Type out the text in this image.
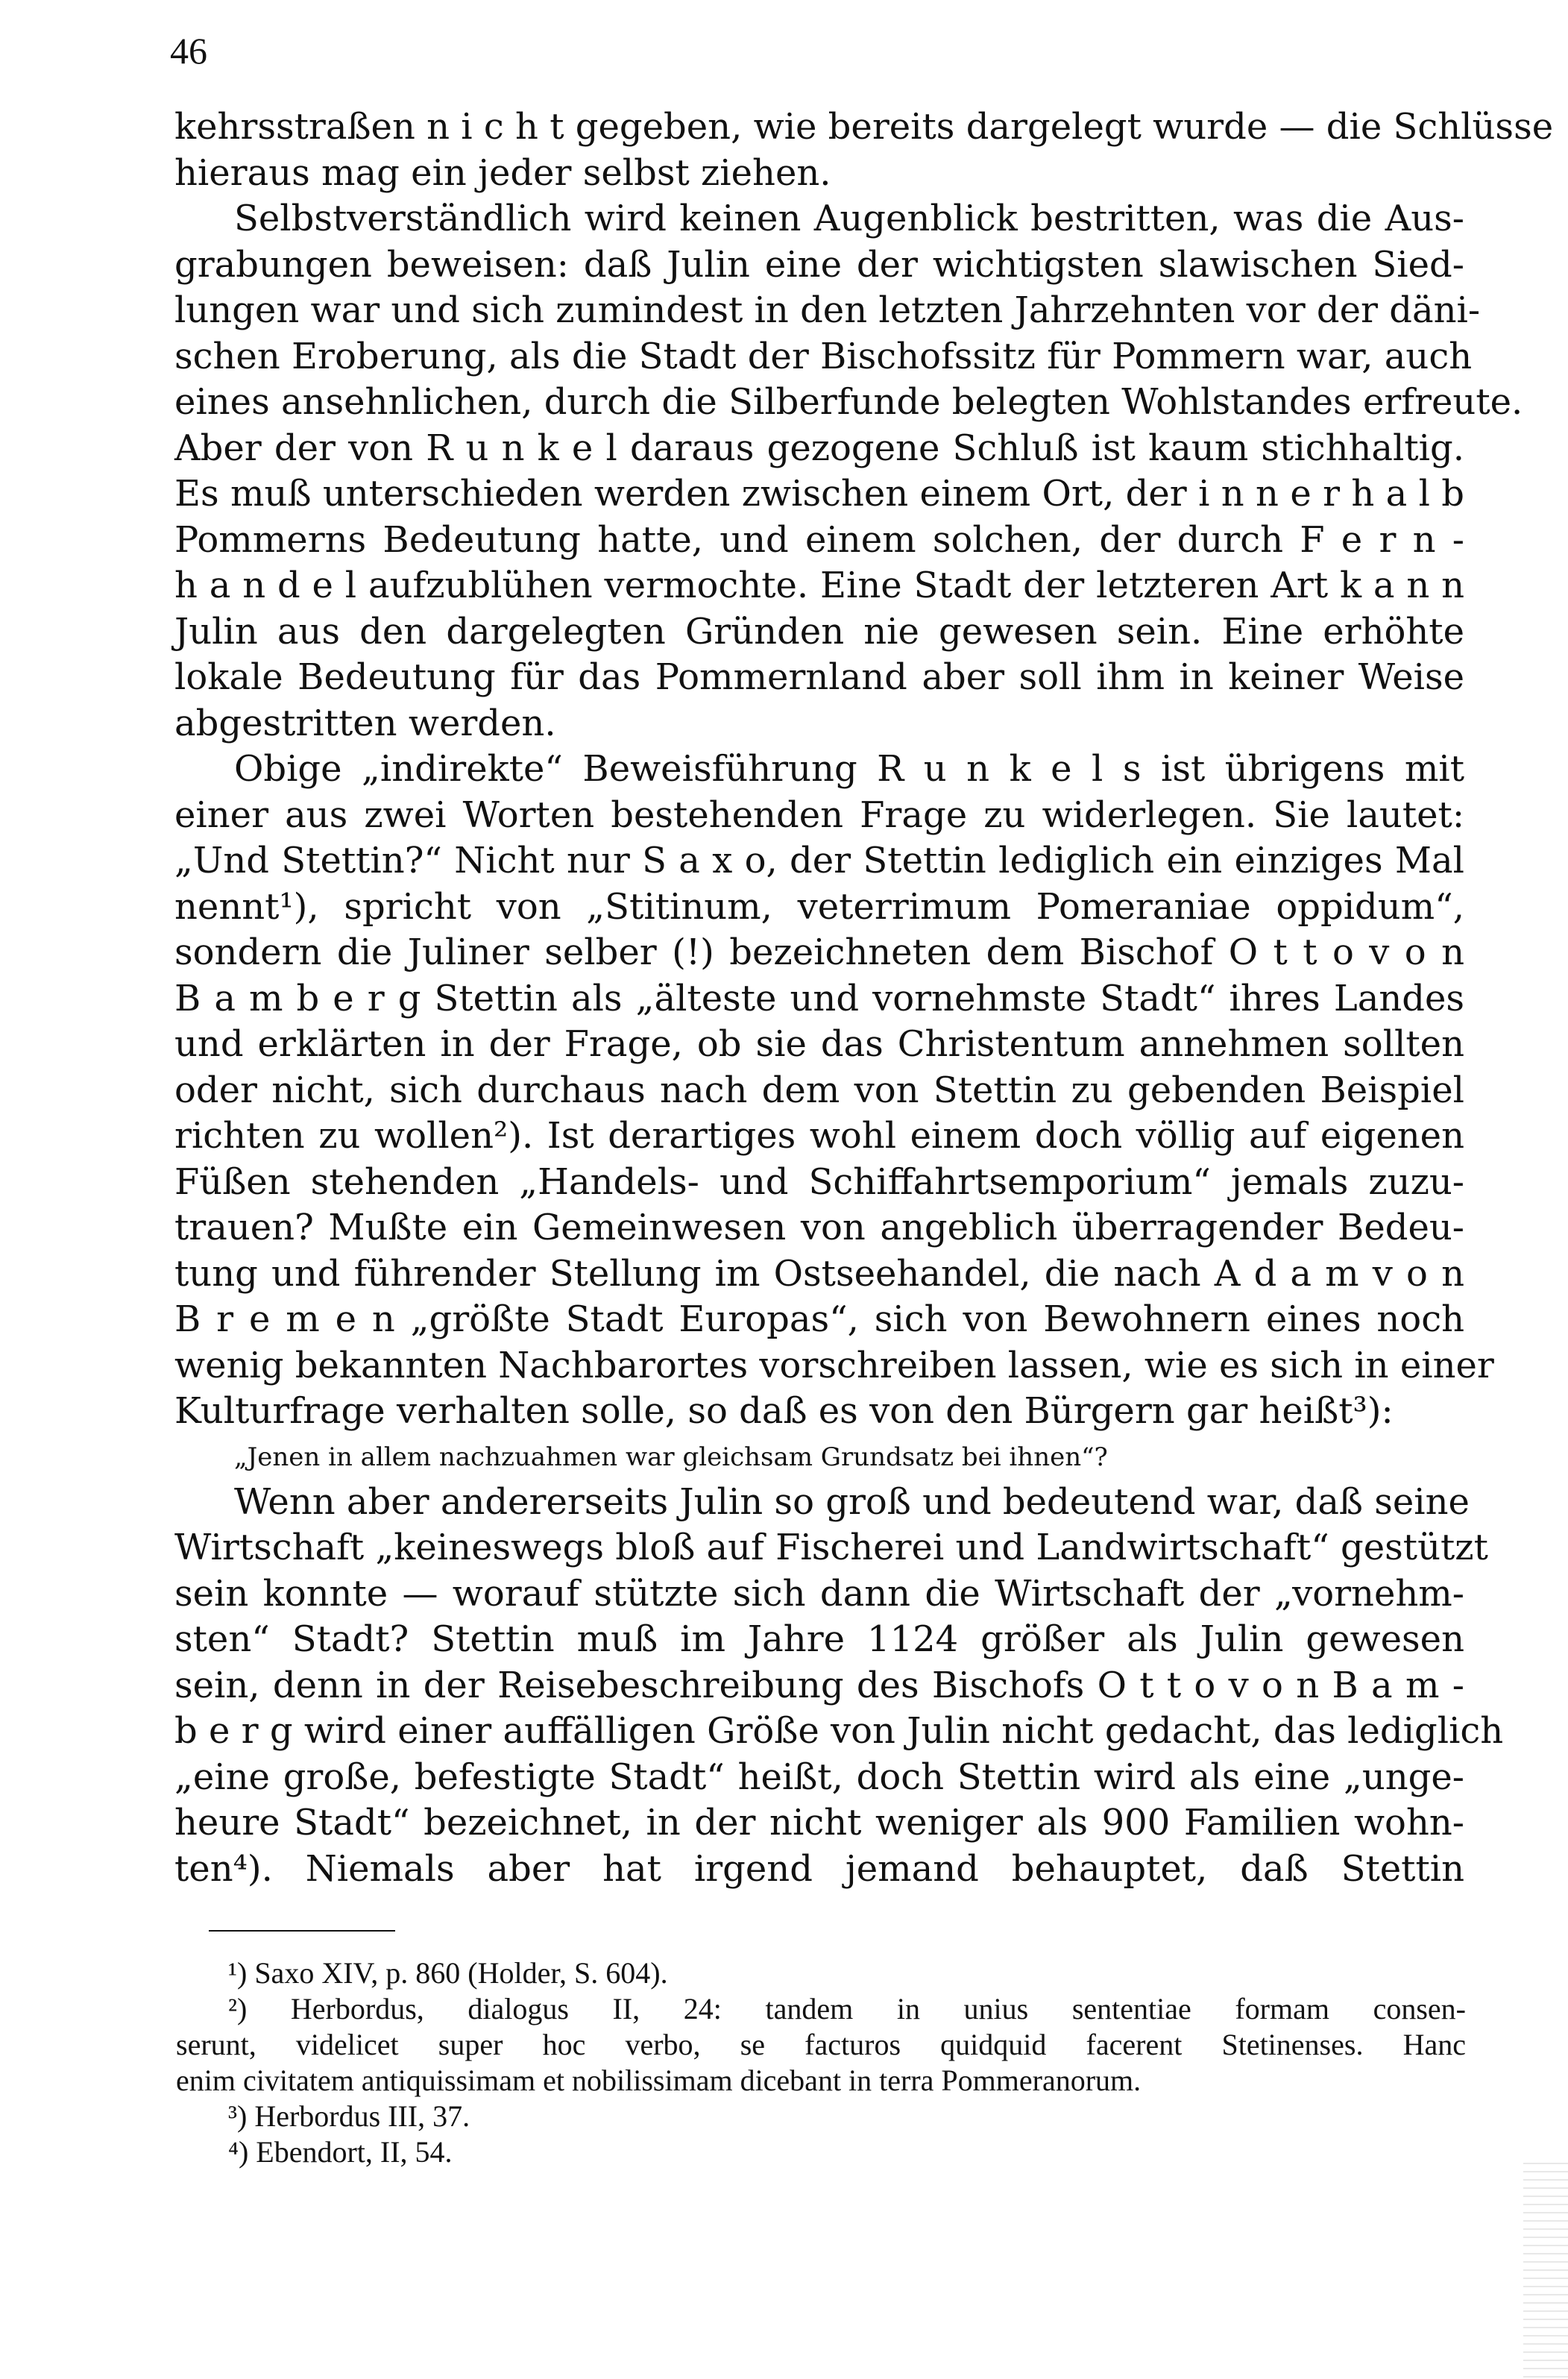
46
kehrsstraßen n i c h t gegeben, wie bereits dargelegt wurde — die Schlüsse
hieraus mag ein jeder selbst ziehen.
Selbstverständlich wird keinen Augenblick bestritten, was die Aus-
grabungen beweisen: daß Julin eine der wichtigsten slawischen Sied-
lungen war und sich zumindest in den letzten Jahrzehnten vor der däni-
schen Eroberung, als die Stadt der Bischofssitz für Pommern war, auch
eines ansehnlichen, durch die Silberfunde belegten Wohlstandes erfreute.
Aber der von R u n k e l daraus gezogene Schluß ist kaum stichhaltig.
Es muß unterschieden werden zwischen einem Ort, der i n n e r h a l b
Pommerns Bedeutung hatte, und einem solchen, der durch F e r n -
h a n d e l aufzublühen vermochte. Eine Stadt der letzteren Art k a n n
Julin aus den dargelegten Gründen nie gewesen sein. Eine erhöhte
lokale Bedeutung für das Pommernland aber soll ihm in keiner Weise
abgestritten werden.
Obige „indirekte“ Beweisführung R u n k e l s ist übrigens mit
einer aus zwei Worten bestehenden Frage zu widerlegen. Sie lautet:
„Und Stettin?“ Nicht nur S a x o, der Stettin lediglich ein einziges Mal
nennt¹), spricht von „Stitinum, veterrimum Pomeraniae oppidum“,
sondern die Juliner selber (!) bezeichneten dem Bischof O t t o v o n
B a m b e r g Stettin als „älteste und vornehmste Stadt“ ihres Landes
und erklärten in der Frage, ob sie das Christentum annehmen sollten
oder nicht, sich durchaus nach dem von Stettin zu gebenden Beispiel
richten zu wollen²). Ist derartiges wohl einem doch völlig auf eigenen
Füßen stehenden „Handels- und Schiffahrtsemporium“ jemals zuzu-
trauen? Mußte ein Gemeinwesen von angeblich überragender Bedeu-
tung und führender Stellung im Ostseehandel, die nach A d a m v o n
B r e m e n „größte Stadt Europas“, sich von Bewohnern eines noch
wenig bekannten Nachbarortes vorschreiben lassen, wie es sich in einer
Kulturfrage verhalten solle, so daß es von den Bürgern gar heißt³):
„Jenen in allem nachzuahmen war gleichsam Grundsatz bei ihnen“?
Wenn aber andererseits Julin so groß und bedeutend war, daß seine
Wirtschaft „keineswegs bloß auf Fischerei und Landwirtschaft“ gestützt
sein konnte — worauf stützte sich dann die Wirtschaft der „vornehm-
sten“ Stadt? Stettin muß im Jahre 1124 größer als Julin gewesen
sein, denn in der Reisebeschreibung des Bischofs O t t o v o n B a m -
b e r g wird einer auffälligen Größe von Julin nicht gedacht, das lediglich
„eine große, befestigte Stadt“ heißt, doch Stettin wird als eine „unge-
heure Stadt“ bezeichnet, in der nicht weniger als 900 Familien wohn-
ten⁴). Niemals aber hat irgend jemand behauptet, daß Stettin
¹) Saxo XIV, p. 860 (Holder, S. 604).
²) Herbordus, dialogus II, 24: tandem in unius sententiae formam consen-
serunt, videlicet super hoc verbo, se facturos quidquid facerent Stetinenses. Hanc
enim civitatem antiquissimam et nobilissimam dicebant in terra Pommeranorum.
³) Herbordus III, 37.
⁴) Ebendort, II, 54.
